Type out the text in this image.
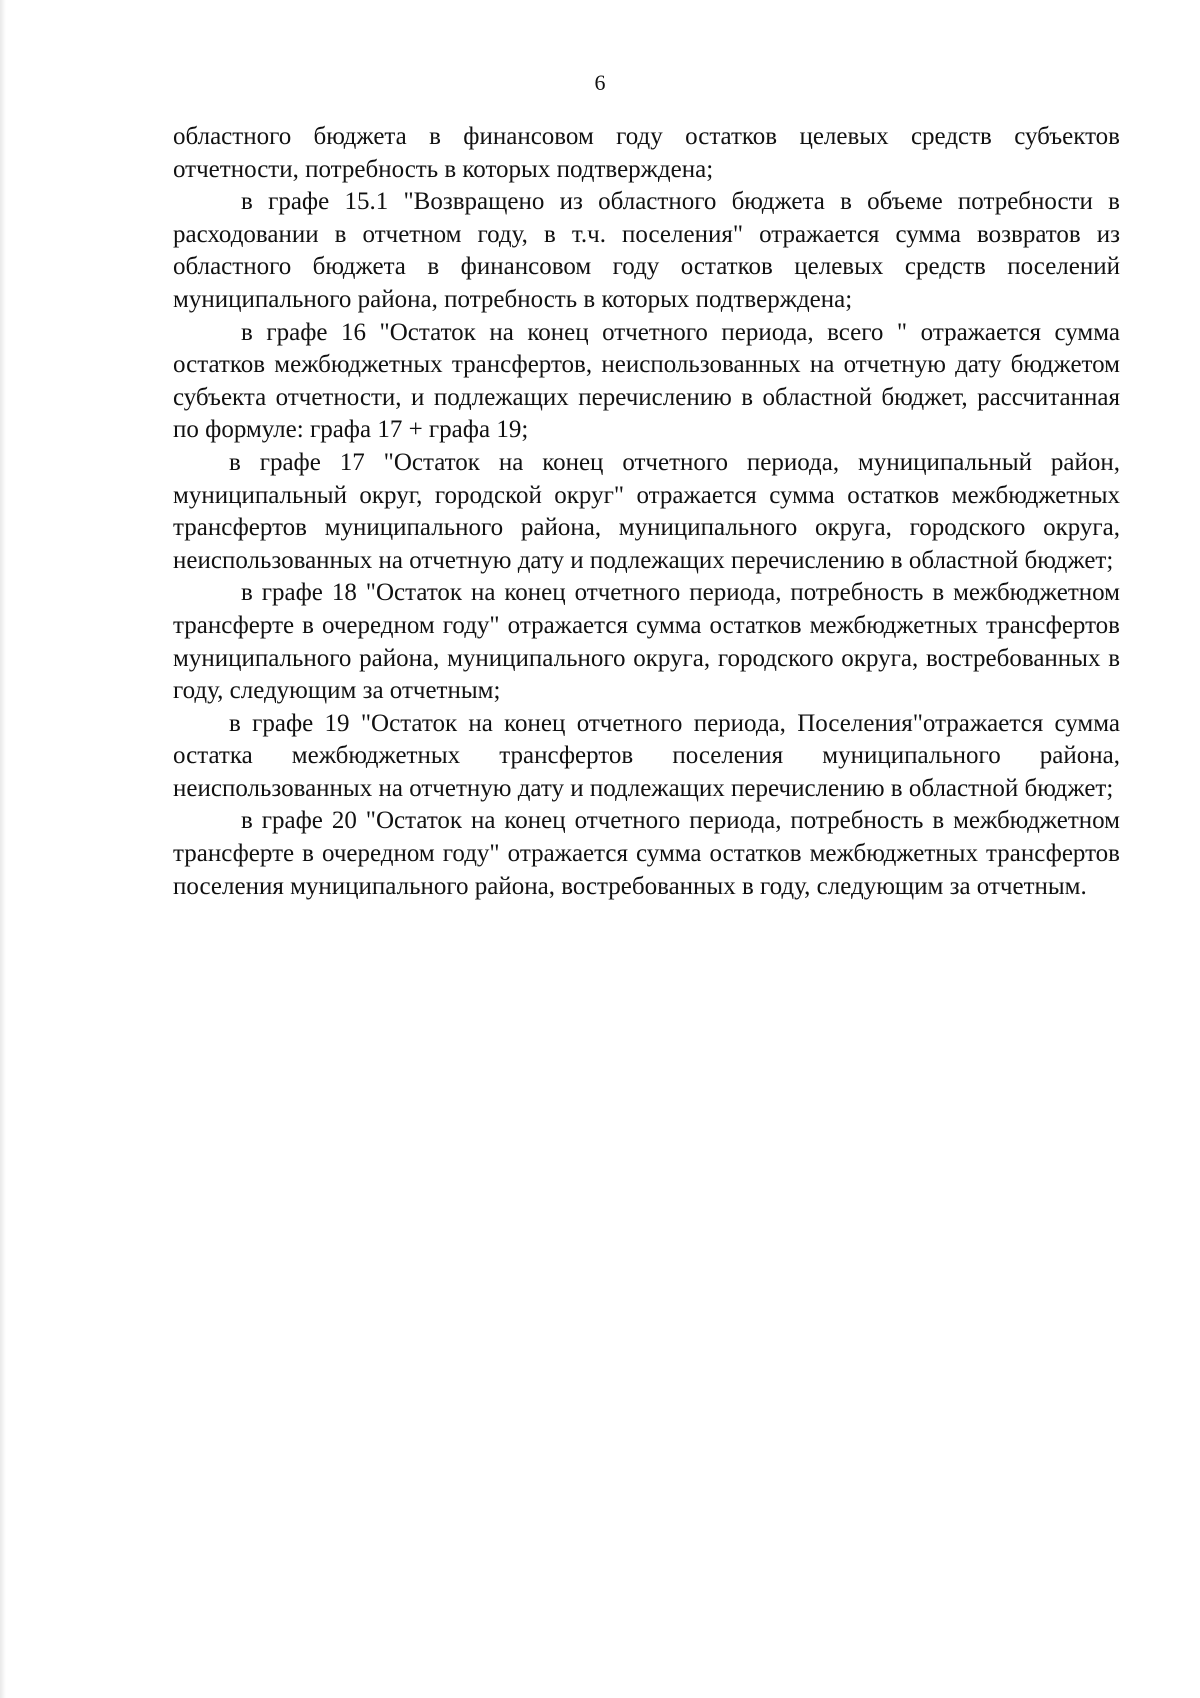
6

областного бюджета в финансовом году остатков целевых средств субъектов отчетности, потребность в которых подтверждена;

в графе 15.1 "Возвращено из областного бюджета в объеме потребности в расходовании в отчетном году, в т.ч. поселения" отражается сумма возвратов из областного бюджета в финансовом году остатков целевых средств поселений муниципального района, потребность в которых подтверждена;

в графе 16 "Остаток на конец отчетного периода, всего " отражается сумма остатков межбюджетных трансфертов, неиспользованных на отчетную дату бюджетом субъекта отчетности, и подлежащих перечислению в областной бюджет, рассчитанная по формуле: графа 17 + графа 19;

в графе 17 "Остаток на конец отчетного периода, муниципальный район, муниципальный округ, городской округ" отражается сумма остатков межбюджетных трансфертов муниципального района, муниципального округа, городского округа, неиспользованных на отчетную дату и подлежащих перечислению в областной бюджет;

в графе 18 "Остаток на конец отчетного периода, потребность в межбюджетном трансферте в очередном году" отражается сумма остатков межбюджетных трансфертов муниципального района, муниципального округа, городского округа, востребованных в году, следующим за отчетным;

в графе 19 "Остаток на конец отчетного периода, Поселения"отражается сумма остатка межбюджетных трансфертов поселения муниципального района, неиспользованных на отчетную дату и подлежащих перечислению в областной бюджет;

в графе 20 "Остаток на конец отчетного периода, потребность в межбюджетном трансферте в очередном году" отражается сумма остатков межбюджетных трансфертов поселения муниципального района, востребованных в году, следующим за отчетным.
